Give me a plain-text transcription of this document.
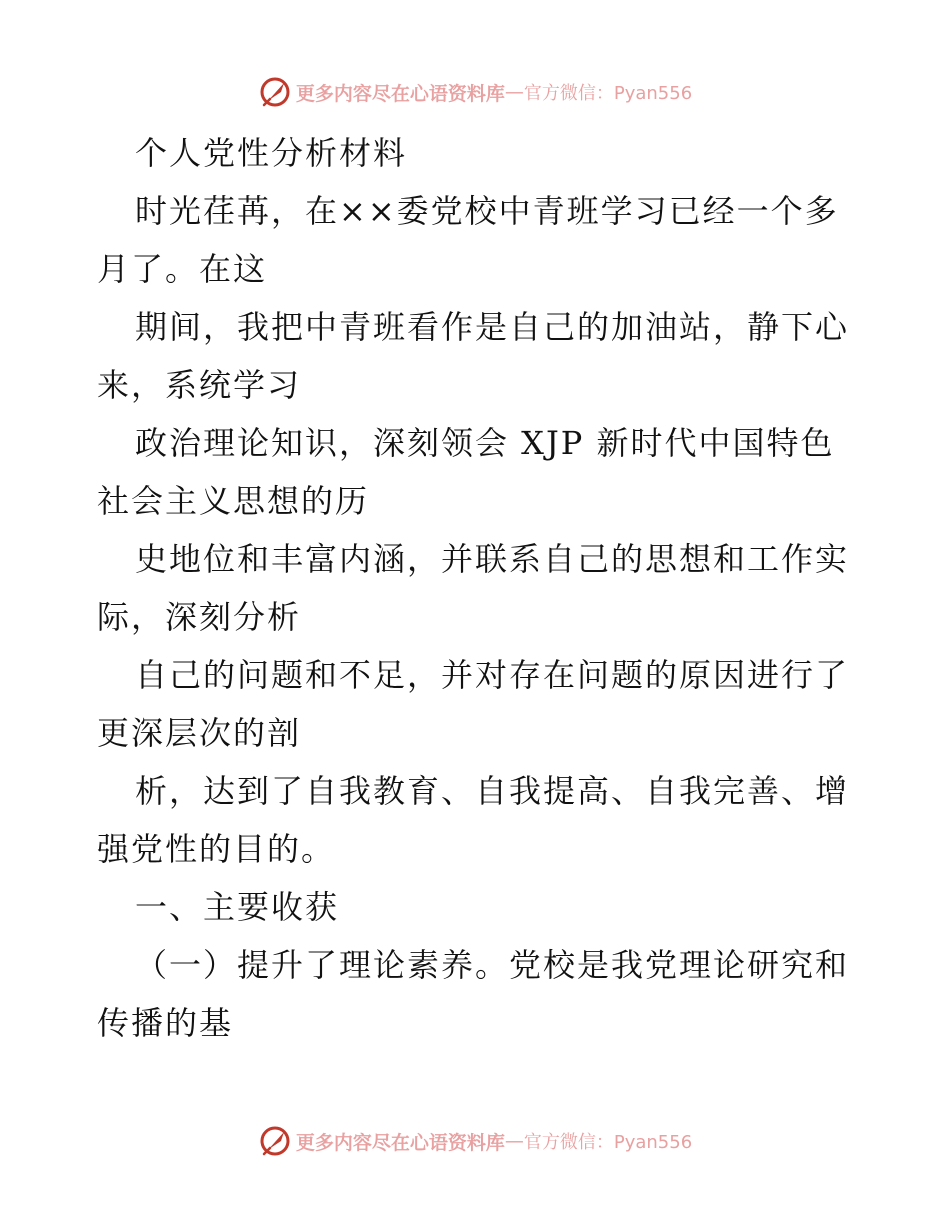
更多内容尽在心语资料库 — 官方微信：Pyan556
个人党性分析材料
时光荏苒，在××委党校中青班学习已经一个多
月了。在这
期间，我把中青班看作是自己的加油站，静下心
来，系统学习
政治理论知识，深刻领会 XJP 新时代中国特色
社会主义思想的历
史地位和丰富内涵，并联系自己的思想和工作实
际，深刻分析
自己的问题和不足，并对存在问题的原因进行了
更深层次的剖
析，达到了自我教育、自我提高、自我完善、增
强党性的目的。
一、主要收获
（一）提升了理论素养。党校是我党理论研究和
传播的基
更多内容尽在心语资料库 — 官方微信：Pyan556
